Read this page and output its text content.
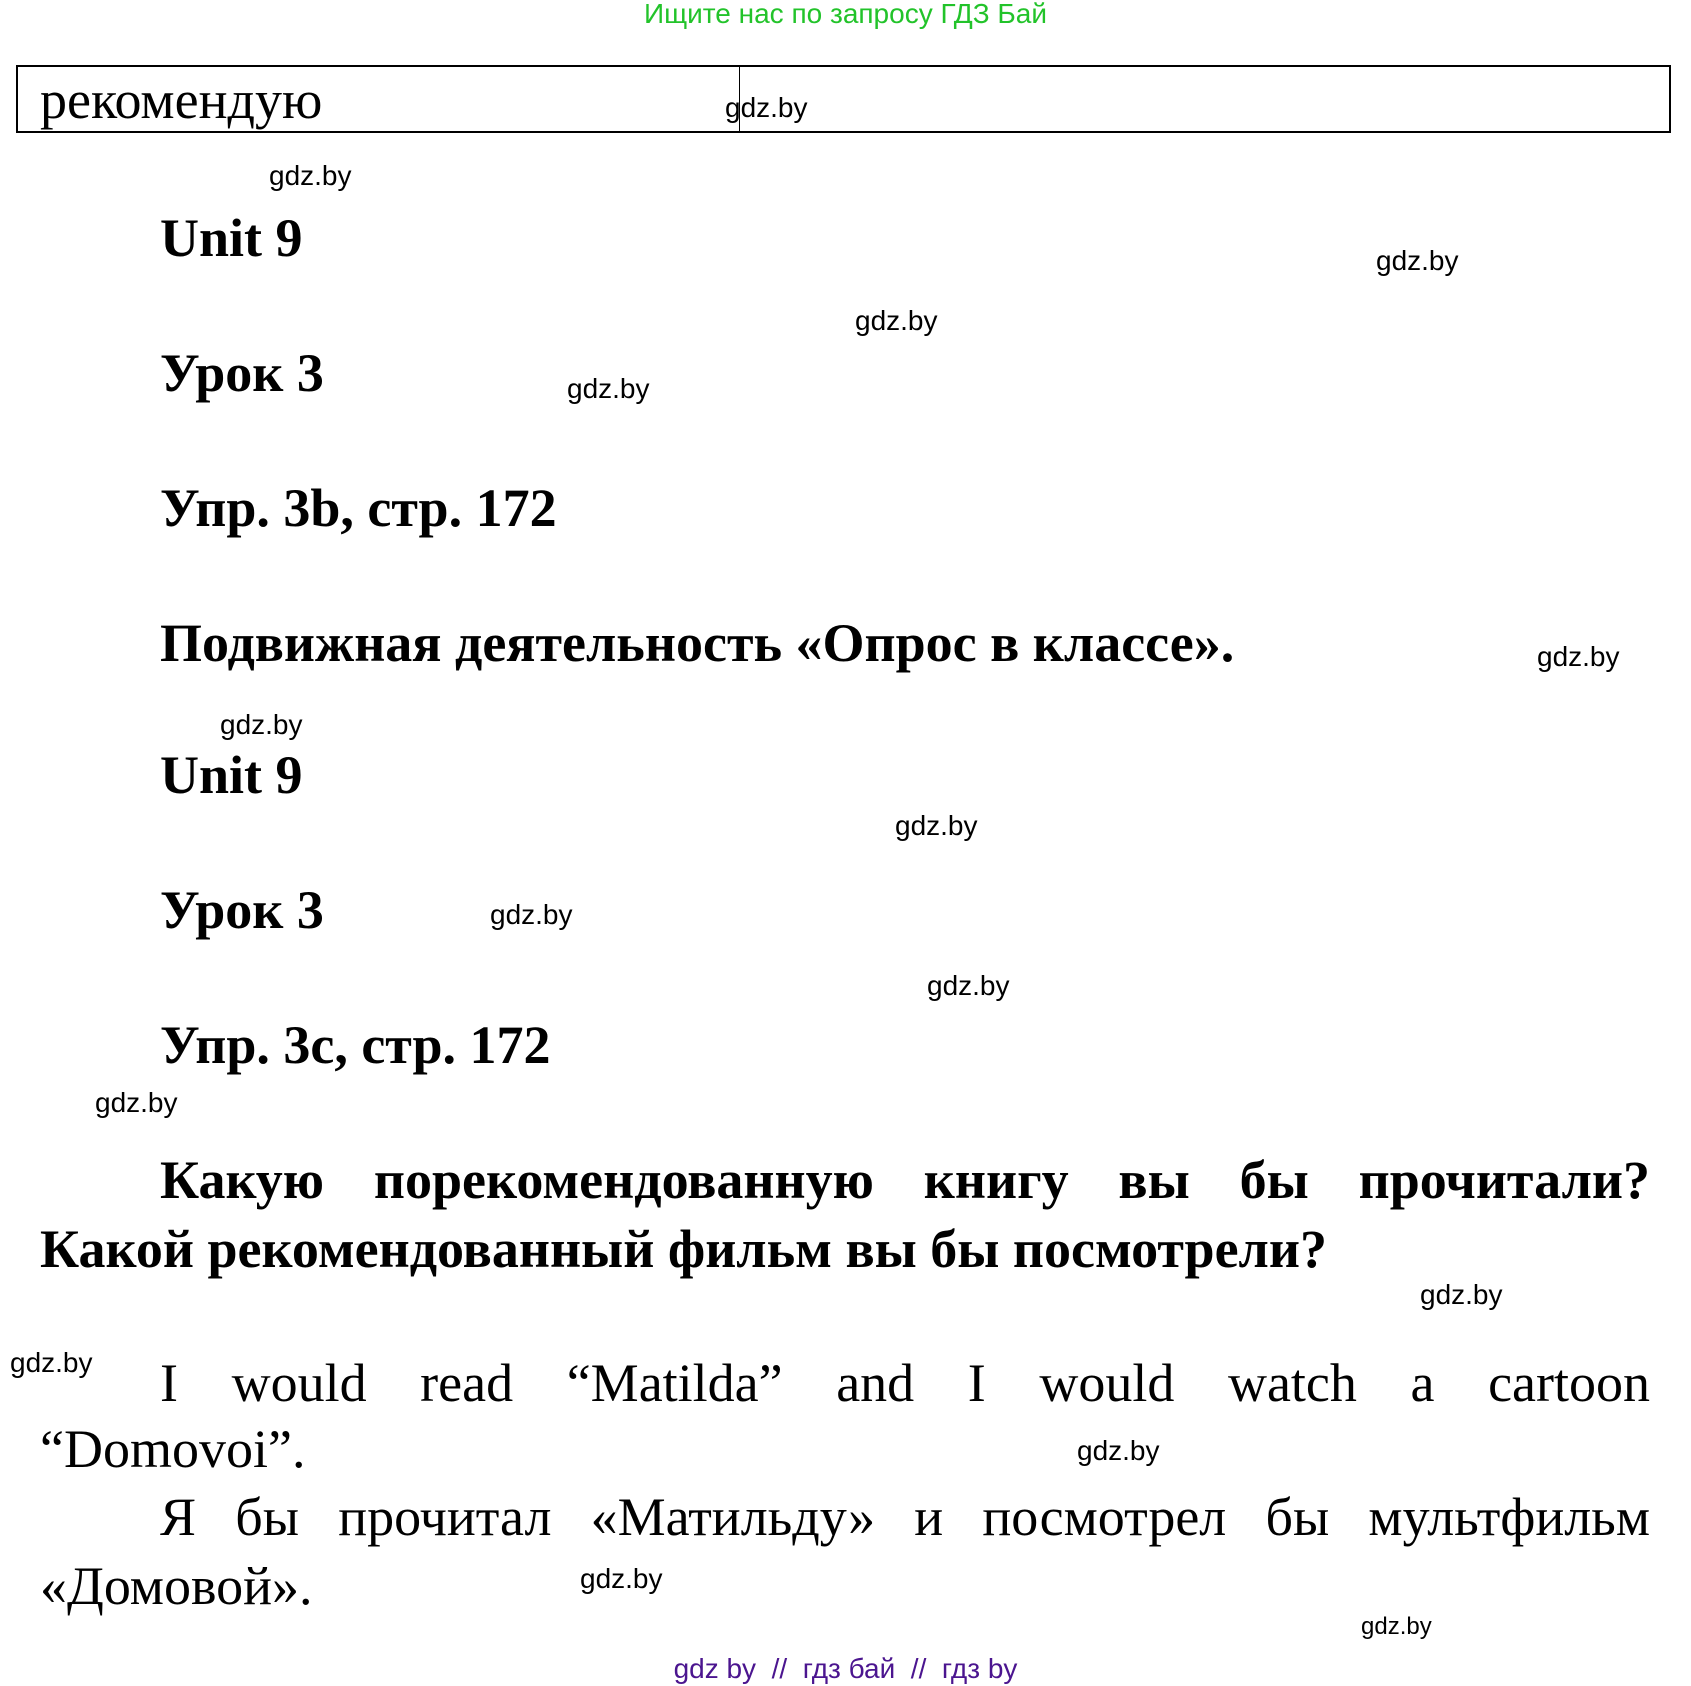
Ищите нас по запросу ГДЗ Бай
рекомендую	gdz.by
gdz.by
gdz.by
gdz.by
gdz.by
gdz.by
gdz.by
gdz.by
gdz.by
gdz.by
gdz.by
gdz.by
gdz.by
gdz.by
gdz.by
gdz.by
Unit 9
Урок 3
Упр. 3b, стр. 172
Подвижная деятельность «Опрос в классе».
Unit 9
Урок 3
Упр. 3c, стр. 172
Какую порекомендованную книгу вы бы прочитали?
Какой рекомендованный фильм вы бы посмотрели?
I would read “Matilda” and I would watch a cartoon
“Domovoi”.
Я бы прочитал «Матильду» и посмотрел бы мультфильм
«Домовой».
gdz by  //  гдз бай  //  гдз by
